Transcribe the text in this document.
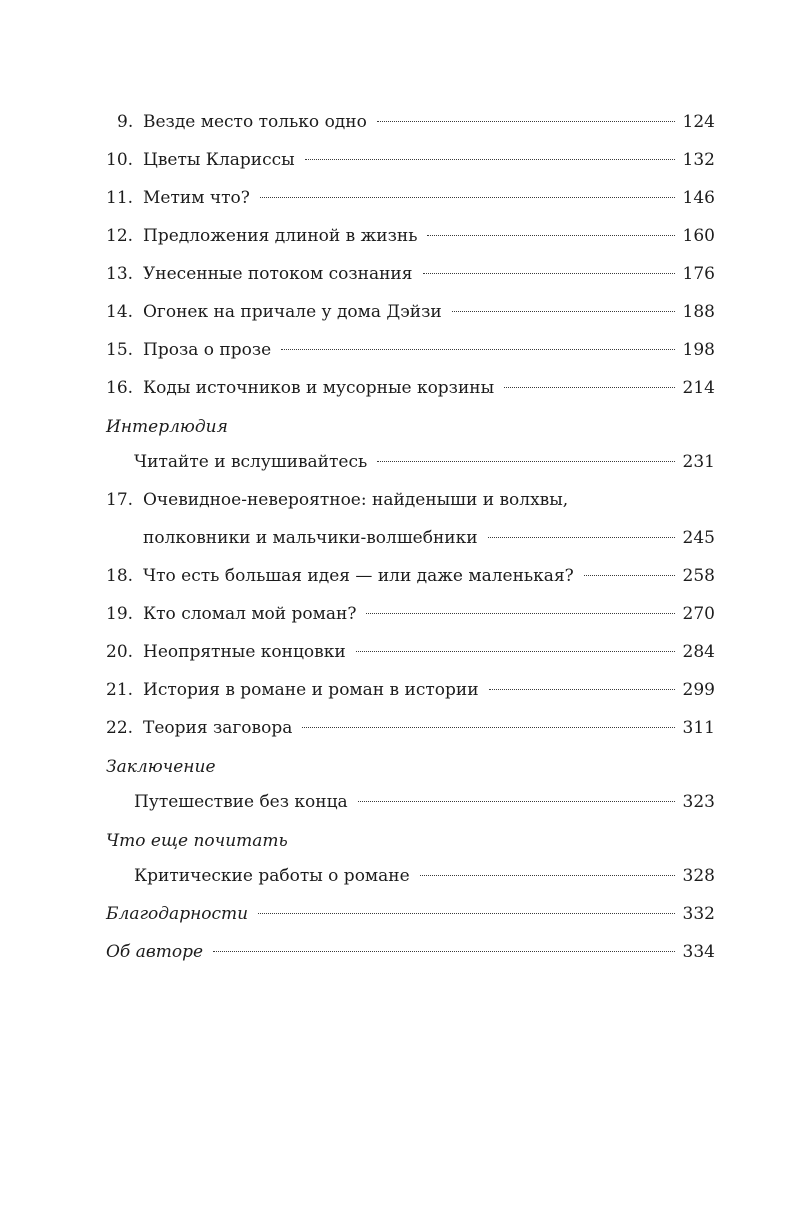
9. Везде место только одно	124
10. Цветы Клариссы	132
11. Метим что?	146
12. Предложения длиной в жизнь	160
13. Унесенные потоком сознания	176
14. Огонек на причале у дома Дэйзи	188
15. Проза о прозе	198
16. Коды источников и мусорные корзины	214
Интерлюдия
Читайте и вслушивайтесь	231
17. Очевидное-невероятное: найденыши и волхвы,
полковники и мальчики-волшебники	245
18. Что есть большая идея — или даже маленькая?	258
19. Кто сломал мой роман?	270
20. Неопрятные концовки	284
21. История в романе и роман в истории	299
22. Теория заговора	311
Заключение
Путешествие без конца	323
Что еще почитать
Критические работы о романе	328
Благодарности	332
Об авторе	334
